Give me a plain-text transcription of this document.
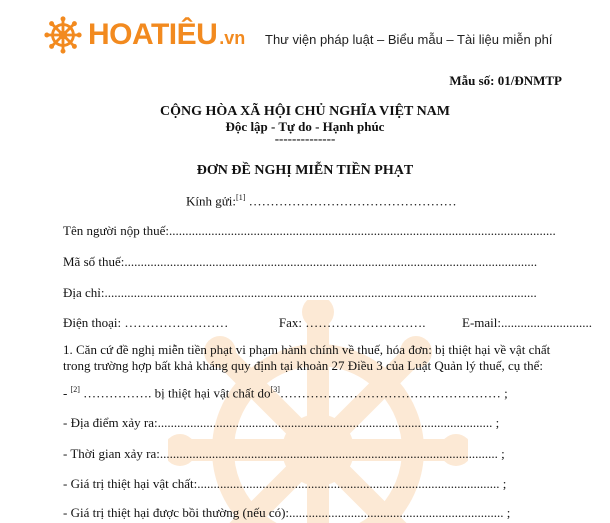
HOATIÊU .vn Thư viện pháp luật – Biểu mẫu – Tài liệu miễn phí
Mẫu số: 01/ĐNMTP
CỘNG HÒA XÃ HỘI CHỦ NGHĨA VIỆT NAM
Độc lập - Tự do - Hạnh phúc
--------------
ĐƠN ĐỀ NGHỊ MIỄN TIỀN PHẠT
Kính gửi:[1] …………………………………………
Tên người nộp thuế:.......................................................................................................................
Mã số thuế:...............................................................................................................................
Địa chỉ:.....................................................................................................................................
Điện thoại: ……………………	Fax: ……………………….	E-mail:............................
1. Căn cứ đề nghị miễn tiền phạt vi phạm hành chính về thuế, hóa đơn: bị thiệt hại về vật chất trong trường hợp bất khả kháng quy định tại khoản 27 Điều 3 của Luật Quản lý thuế, cụ thể:
- [2] ……………. bị thiệt hại vật chất do[3]…………………………………………… ;
- Địa điểm xảy ra:....................................................................................................... ;
- Thời gian xảy ra:........................................................................................................ ;
- Giá trị thiệt hại vật chất:............................................................................................. ;
- Giá trị thiệt hại được bồi thường (nếu có):.................................................................. ;
